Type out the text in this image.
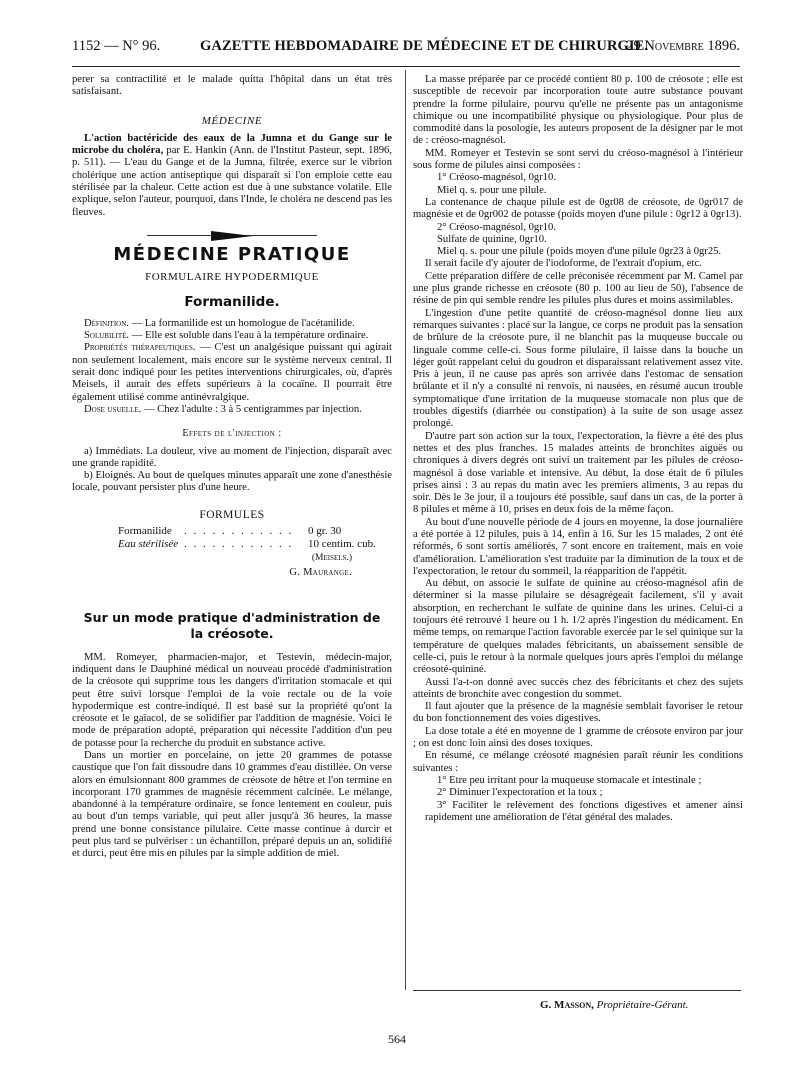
1152 — N° 96.	GAZETTE HEBDOMADAIRE DE MÉDECINE ET DE CHIRURGIE.
29 Novembre 1896.

perer sa contractilité et le malade quitta l'hôpital dans un état très satisfaisant.

MÉDECINE

L'action bactéricide des eaux de la Jumna et du Gange sur le microbe du choléra, par E. Hankin (Ann. de l'Institut Pasteur, sept. 1896, p. 511). — L'eau du Gange et de la Jumna, filtrée, exerce sur le vibrion cholérique une action antiseptique qui disparaît si l'on emploie cette eau stérilisée par la chaleur. Cette action est due à une substance volatile. Elle explique, selon l'auteur, pourquoi, dans l'Inde, le choléra ne descend pas les fleuves.

MÉDECINE PRATIQUE
FORMULAIRE HYPODERMIQUE
Formanilide.

Définition. — La formanilide est un homologue de l'acétanilide.

Solubilité. — Elle est soluble dans l'eau à la température ordinaire.

Propriétés thérapeutiques. — C'est un analgésique puissant qui agirait non seulement localement, mais encore sur le système nerveux central. Il serait donc indiqué pour les petites interventions chirurgicales, où, d'après Meisels, il aurait des effets supérieurs à la cocaïne. Il pourrait être également utilisé comme antinévralgique.

Dose usuelle. — Chez l'adulte : 3 à 5 centigrammes par injection.

Effets de l'injection :

a) Immédiats. La douleur, vive au moment de l'injection, disparaît avec une grande rapidité.

b) Eloignés. Au bout de quelques minutes apparaît une zone d'anesthésie locale, pouvant persister plus d'une heure.

FORMULES
Formanilide . . . . . . . . . . . . 0 gr. 30
Eau stérilisée . . . . . . . . . . . . 10 centim. cub.
(Meisels.)
G. Maurange.
Sur un mode pratique d'administration de la créosote.

MM. Romeyer, pharmacien-major, et Testevin, médecin-major, indiquent dans le Dauphiné médical un nouveau procédé d'administration de la créosote qui supprime tous les dangers d'irritation stomacale et qui peut être suivi lorsque l'emploi de la voie rectale ou de la voie hypodermique est contre-indiqué. Il est basé sur la propriété qu'ont la créosote et le gaïacol, de se solidifier par l'addition de magnésie. Voici le mode de préparation adopté, préparation qui nécessite l'addition d'un peu de potasse pour la recherche du produit en substance active.

Dans un mortier en porcelaine, on jette 20 grammes de potasse caustique que l'on fait dissoudre dans 10 grammes d'eau distillée. On verse alors en émulsionnant 800 grammes de créosote de hêtre et l'on termine en incorporant 170 grammes de magnésie récemment calcinée. Le mélange, abandonné à la température ordinaire, se fonce lentement en couleur, puis au bout d'un temps variable, qui peut aller jusqu'à 36 heures, la masse prend une bonne consistance pilulaire. Cette masse continue à durcir et peut plus tard se pulvériser : un échantillon, préparé depuis un an, solidifié et durci, peut être mis en pilules par la simple addition de miel.

La masse préparée par ce procédé contient 80 p. 100 de créosote ; elle est susceptible de recevoir par incorporation toute autre substance pouvant prendre la forme pilulaire, pourvu qu'elle ne présente pas un antagonisme chimique ou une incompatibilité physique ou physiologique. Pour plus de commodité dans la posologie, les auteurs proposent de la désigner par le mot de : créoso-magnésol.

MM. Romeyer et Testevin se sont servi du créoso-magnésol à l'intérieur sous forme de pilules ainsi composées :

1° Créoso-magnésol, 0gr10.

Miel q. s. pour une pilule.

La contenance de chaque pilule est de 0gr08 de créosote, de 0gr017 de magnésie et de 0gr002 de potasse (poids moyen d'une pilule : 0gr12 à 0gr13).

2° Créoso-magnésol, 0gr10.

Sulfate de quinine, 0gr10.

Miel q. s. pour une pilule (poids moyen d'une pilule 0gr23 à 0gr25.

Il serait facile d'y ajouter de l'iodoforme, de l'extrait d'opium, etc.

Cette préparation diffère de celle préconisée récemment par M. Camel par une plus grande richesse en créosote (80 p. 100 au lieu de 50), l'absence de résine de pin qui semble rendre les pilules plus dures et moins assimilables.

L'ingestion d'une petite quantité de créoso-magnésol donne lieu aux remarques suivantes : placé sur la langue, ce corps ne produit pas la sensation de brûlure de la créosote pure, il ne blanchit pas la muqueuse buccale ou linguale comme celle-ci. Sous forme pilulaire, il laisse dans la bouche un léger goût rappelant celui du goudron et disparaissant relativement assez vite. Pris à jeun, il ne cause pas après son arrivée dans l'estomac de sensation brûlante et il n'y a consulté ni renvois, ni nausées, en résumé aucun trouble symptomatique d'une irritation de la muqueuse stomacale non plus que de troubles digestifs (diarrhée ou constipation) à la suite de son usage assez prolongé.

D'autre part son action sur la toux, l'expectoration, la fièvre a été des plus nettes et des plus franches. 15 malades atteints de bronchites aiguës ou chroniques à divers degrés ont suivi un traitement par les pilules de créoso-magnésol à dose variable et intensive. Au début, la dose était de 6 pilules prises ainsi : 3 au repas du matin avec les premiers aliments, 3 au repas du soir. Dès le 3e jour, il a toujours été possible, sauf dans un cas, de la porter à 8 pilules et même à 10, prises en deux fois de la même façon.

Au bout d'une nouvelle période de 4 jours en moyenne, la dose journalière a été portée à 12 pilules, puis à 14, enfin à 16. Sur les 15 malades, 2 ont été réformés, 6 sont sortis améliorés, 7 sont encore en traitement, mais en voie d'amélioration. L'amélioration s'est traduite par la diminution de la toux et de l'expectoration, le retour du sommeil, la réapparition de l'appétit.

Au début, on associe le sulfate de quinine au créoso-magnésol afin de déterminer si la masse pilulaire se désagrégeait facilement, s'il y avait absorption, en recherchant le sulfate de quinine dans les urines. Celui-ci a toujours été retrouvé 1 heure ou 1 h. 1/2 après l'ingestion du médicament. En même temps, on remarque l'action favorable exercée par le sel quinique sur la température de quelques malades fébricitants, un abaissement sensible de celle-ci, puis le retour à la normale quelques jours après l'emploi du mélange créosoté-quininé.

Aussi l'a-t-on donné avec succès chez des fébricitants et chez des sujets atteints de bronchite avec congestion du sommet.

Il faut ajouter que la présence de la magnésie semblait favoriser le retour du bon fonctionnement des voies digestives.

La dose totale a été en moyenne de 1 gramme de créosote environ par jour ; on est donc loin ainsi des doses toxiques.

En résumé, ce mélange créosoté magnésien paraît réunir les conditions suivantes :

1° Etre peu irritant pour la muqueuse stomacale et intestinale ;

2° Diminuer l'expectoration et la toux ;

3° Faciliter le relèvement des fonctions digestives et amener ainsi rapidement une amélioration de l'état général des malades.

G. Masson, Propriétaire-Gérant.
564
